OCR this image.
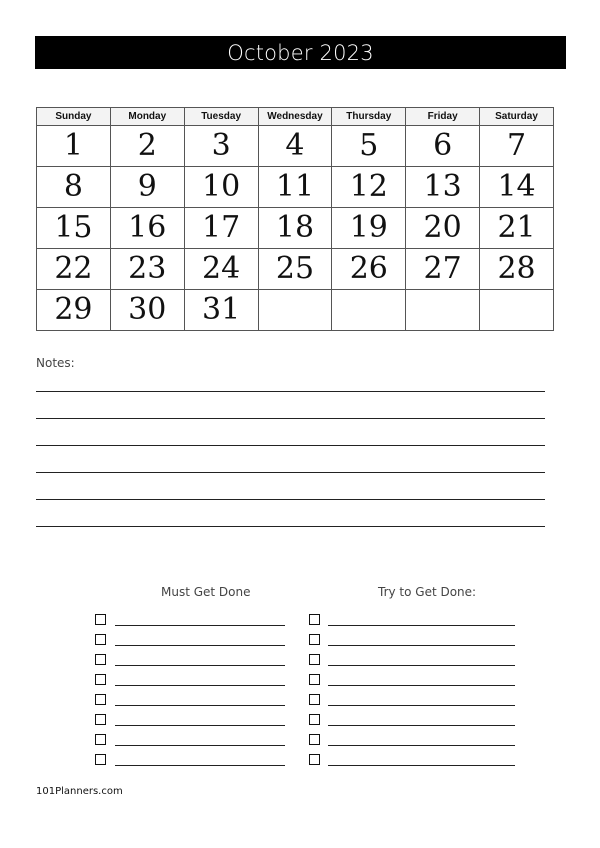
October 2023
Sunday	Monday	Tuesday	Wednesday	Thursday	Friday	Saturday
1	2	3	4	5	6	7
8	9	10	11	12	13	14
15	16	17	18	19	20	21
22	23	24	25	26	27	28
29	30	31				
Notes:
Must Get Done	Try to Get Done:
101Planners.com
